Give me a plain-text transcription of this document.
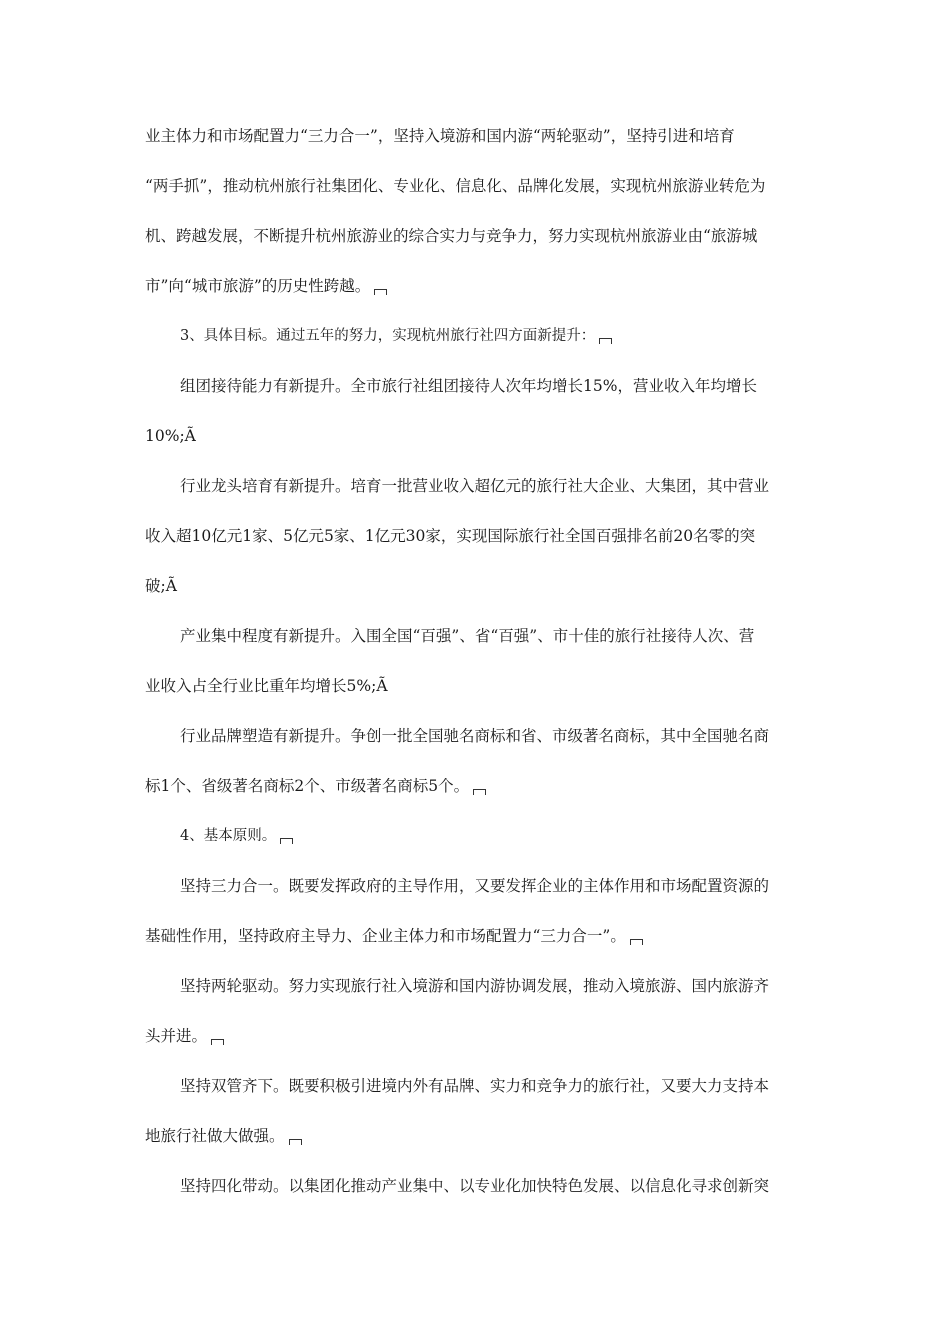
业主体力和市场配置力“三力合一”，坚持入境游和国内游“两轮驱动”，坚持引进和培育
“两手抓”，推动杭州旅行社集团化、专业化、信息化、品牌化发展，实现杭州旅游业转危为
机、跨越发展，不断提升杭州旅游业的综合实力与竞争力，努力实现杭州旅游业由“旅游城
市”向“城市旅游”的历史性跨越。
3、具体目标。通过五年的努力，实现杭州旅行社四方面新提升：
组团接待能力有新提升。全市旅行社组团接待人次年均增长15%，营业收入年均增长
10%;Ã
行业龙头培育有新提升。培育一批营业收入超亿元的旅行社大企业、大集团，其中营业
收入超10亿元1家、5亿元5家、1亿元30家，实现国际旅行社全国百强排名前20名零的突
破;Ã
产业集中程度有新提升。入围全国“百强”、省“百强”、市十佳的旅行社接待人次、营
业收入占全行业比重年均增长5%;Ã
行业品牌塑造有新提升。争创一批全国驰名商标和省、市级著名商标，其中全国驰名商
标1个、省级著名商标2个、市级著名商标5个。
4、基本原则。
坚持三力合一。既要发挥政府的主导作用，又要发挥企业的主体作用和市场配置资源的
基础性作用，坚持政府主导力、企业主体力和市场配置力“三力合一”。
坚持两轮驱动。努力实现旅行社入境游和国内游协调发展，推动入境旅游、国内旅游齐
头并进。
坚持双管齐下。既要积极引进境内外有品牌、实力和竞争力的旅行社，又要大力支持本
地旅行社做大做强。
坚持四化带动。以集团化推动产业集中、以专业化加快特色发展、以信息化寻求创新突
